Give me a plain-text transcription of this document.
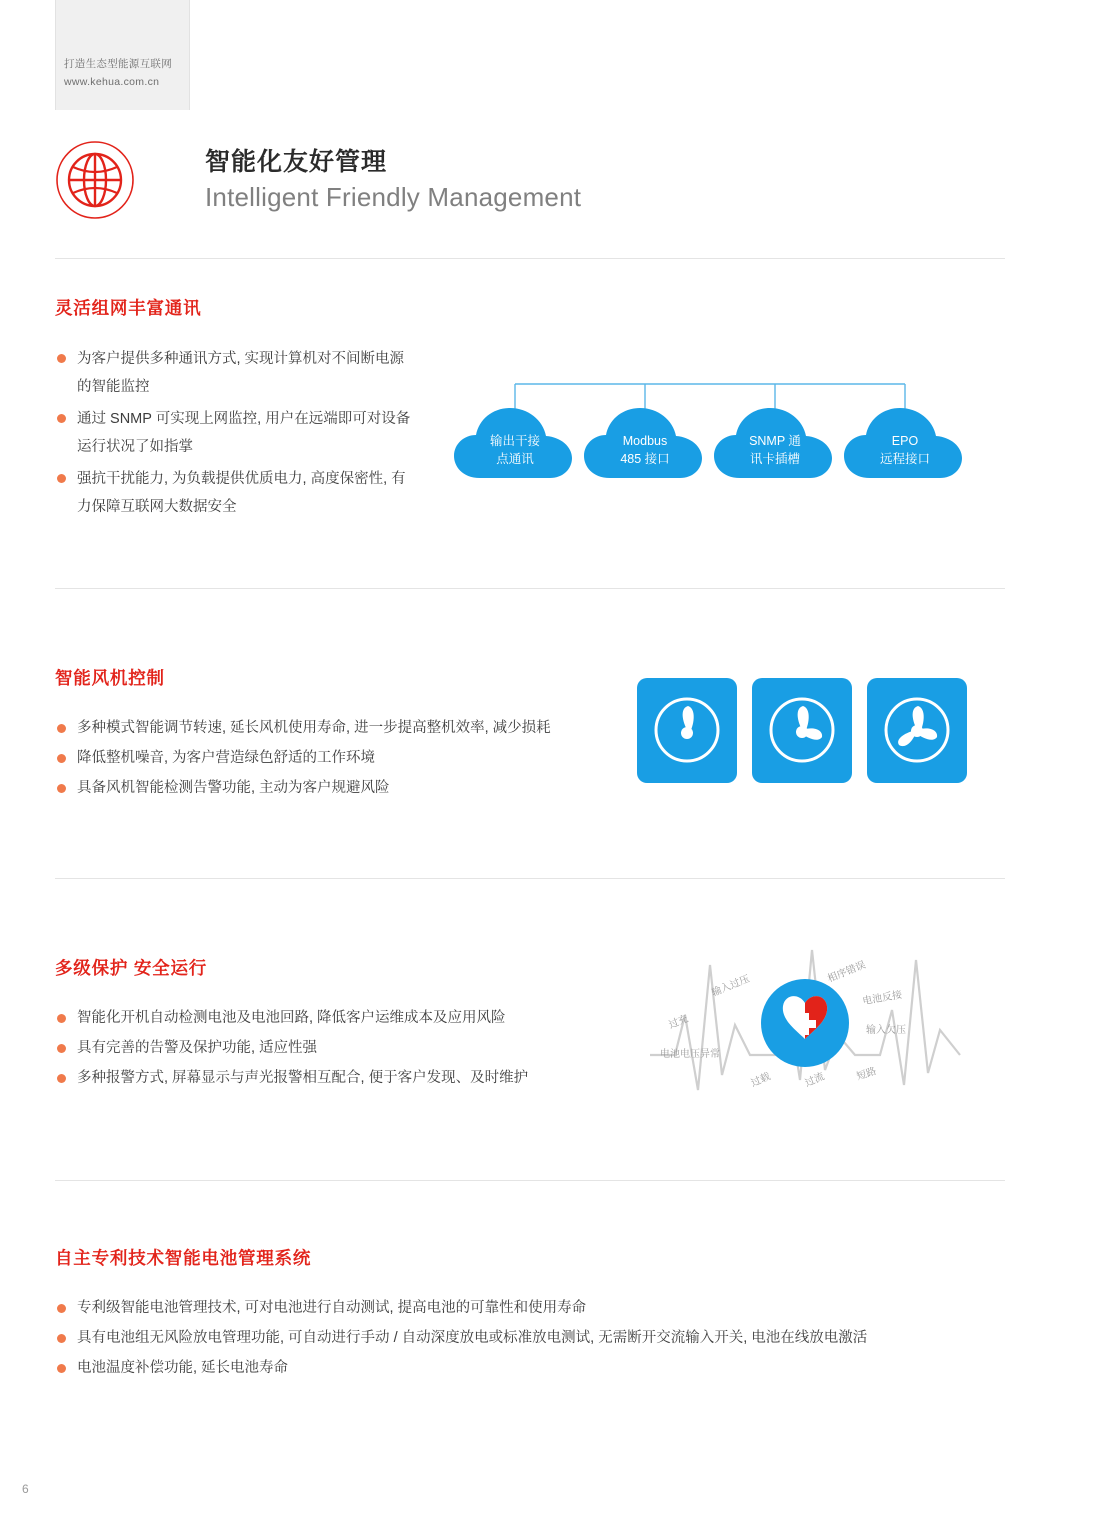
打造生态型能源互联网
www.kehua.com.cn
智能化友好管理
Intelligent Friendly Management
灵活组网丰富通讯
为客户提供多种通讯方式, 实现计算机对不间断电源的智能监控
通过 SNMP 可实现上网监控, 用户在远端即可对设备运行状况了如指掌
强抗干扰能力, 为负载提供优质电力, 高度保密性, 有力保障互联网大数据安全
输出干接
点通讯
Modbus
485 接口
SNMP 通
讯卡插槽
EPO
远程接口
智能风机控制
多种模式智能调节转速, 延长风机使用寿命, 进一步提高整机效率, 减少损耗
降低整机噪音, 为客户营造绿色舒适的工作环境
具备风机智能检测告警功能, 主动为客户规避风险
多级保护 安全运行
智能化开机自动检测电池及电池回路, 降低客户运维成本及应用风险
具有完善的告警及保护功能, 适应性强
多种报警方式, 屏幕显示与声光报警相互配合, 便于客户发现、及时维护
过充
输入过压
相序错误
电池反接
输入欠压
电池电压异常
过载	过流	短路
自主专利技术智能电池管理系统
专利级智能电池管理技术, 可对电池进行自动测试, 提高电池的可靠性和使用寿命
具有电池组无风险放电管理功能, 可自动进行手动 / 自动深度放电或标准放电测试, 无需断开交流输入开关, 电池在线放电激活
电池温度补偿功能, 延长电池寿命
6
